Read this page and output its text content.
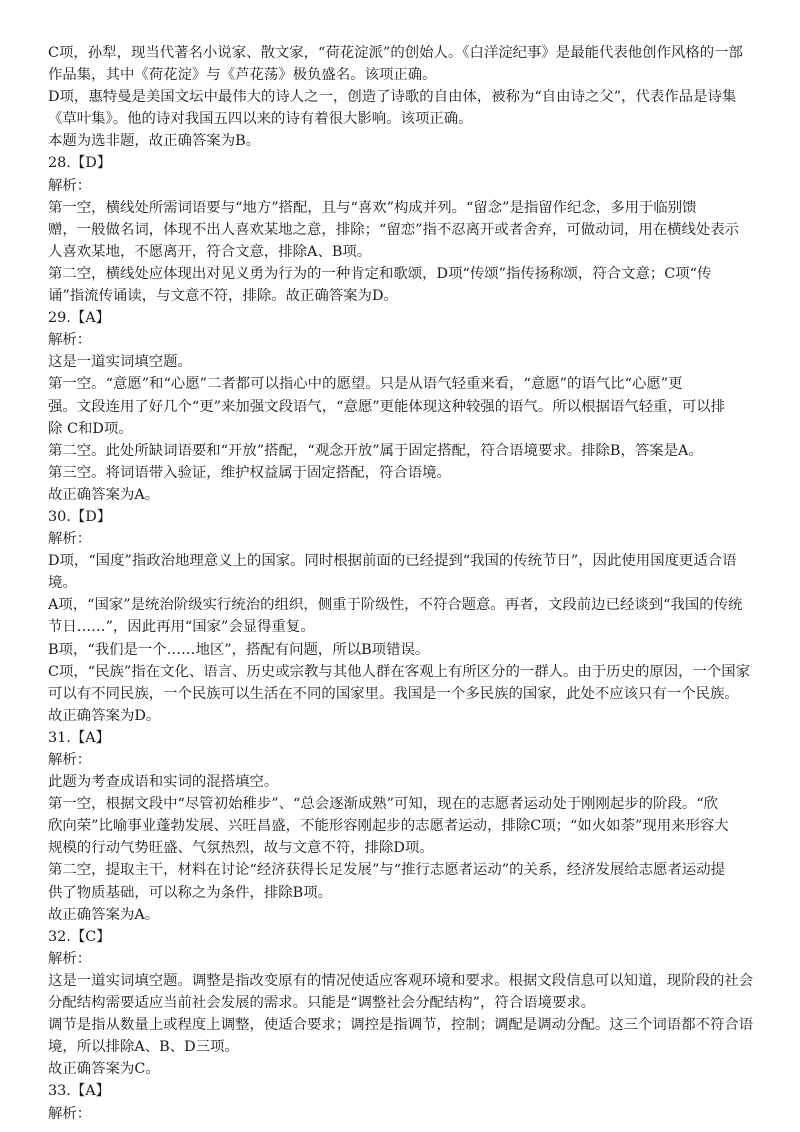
C项，孙犁，现当代著名小说家、散文家，“荷花淀派”的创始人。《白洋淀纪事》是最能代表他创作风格的一部
作品集，其中《荷花淀》与《芦花荡》极负盛名。该项正确。
D项，惠特曼是美国文坛中最伟大的诗人之一，创造了诗歌的自由体，被称为“自由诗之父”，代表作品是诗集
《草叶集》。他的诗对我国五四以来的诗有着很大影响。该项正确。
本题为选非题，故正确答案为B。
28.【D】
解析：
第一空，横线处所需词语要与“地方”搭配，且与“喜欢”构成并列。“留念”是指留作纪念，多用于临别馈
赠，一般做名词，体现不出人喜欢某地之意，排除；“留恋”指不忍离开或者舍弃，可做动词，用在横线处表示
人喜欢某地，不愿离开，符合文意，排除A、B项。
第二空，横线处应体现出对见义勇为行为的一种肯定和歌颂，D项“传颂”指传扬称颂，符合文意；C项“传
诵”指流传诵读，与文意不符，排除。故正确答案为D。
29.【A】
解析：
这是一道实词填空题。
第一空。“意愿”和“心愿”二者都可以指心中的愿望。只是从语气轻重来看，“意愿”的语气比“心愿”更
强。文段连用了好几个“更”来加强文段语气，“意愿”更能体现这种较强的语气。所以根据语气轻重，可以排
除 C和D项。
第二空。此处所缺词语要和“开放”搭配，“观念开放”属于固定搭配，符合语境要求。排除B，答案是A。
第三空。将词语带入验证，维护权益属于固定搭配，符合语境。
故正确答案为A。
30.【D】
解析：
D项，“国度”指政治地理意义上的国家。同时根据前面的已经提到“我国的传统节日”，因此使用国度更适合语
境。
A项，“国家”是统治阶级实行统治的组织，侧重于阶级性，不符合题意。再者，文段前边已经谈到“我国的传统
节日……”，因此再用“国家”会显得重复。
B项，“我们是一个……地区”，搭配有问题，所以B项错误。
C项，“民族”指在文化、语言、历史或宗教与其他人群在客观上有所区分的一群人。由于历史的原因，一个国家
可以有不同民族，一个民族可以生活在不同的国家里。我国是一个多民族的国家，此处不应该只有一个民族。
故正确答案为D。
31.【A】
解析：
此题为考查成语和实词的混搭填空。
第一空，根据文段中“尽管初始稚步”、“总会逐渐成熟”可知，现在的志愿者运动处于刚刚起步的阶段。“欣
欣向荣”比喻事业蓬勃发展、兴旺昌盛，不能形容刚起步的志愿者运动，排除C项；“如火如荼”现用来形容大
规模的行动气势旺盛、气氛热烈，故与文意不符，排除D项。
第二空，提取主干，材料在讨论“经济获得长足发展”与“推行志愿者运动”的关系，经济发展给志愿者运动提
供了物质基础，可以称之为条件，排除B项。
故正确答案为A。
32.【C】
解析：
这是一道实词填空题。调整是指改变原有的情况使适应客观环境和要求。根据文段信息可以知道，现阶段的社会
分配结构需要适应当前社会发展的需求。只能是“调整社会分配结构”，符合语境要求。
调节是指从数量上或程度上调整，使适合要求；调控是指调节，控制；调配是调动分配。这三个词语都不符合语
境，所以排除A、B、D三项。
故正确答案为C。
33.【A】
解析：
